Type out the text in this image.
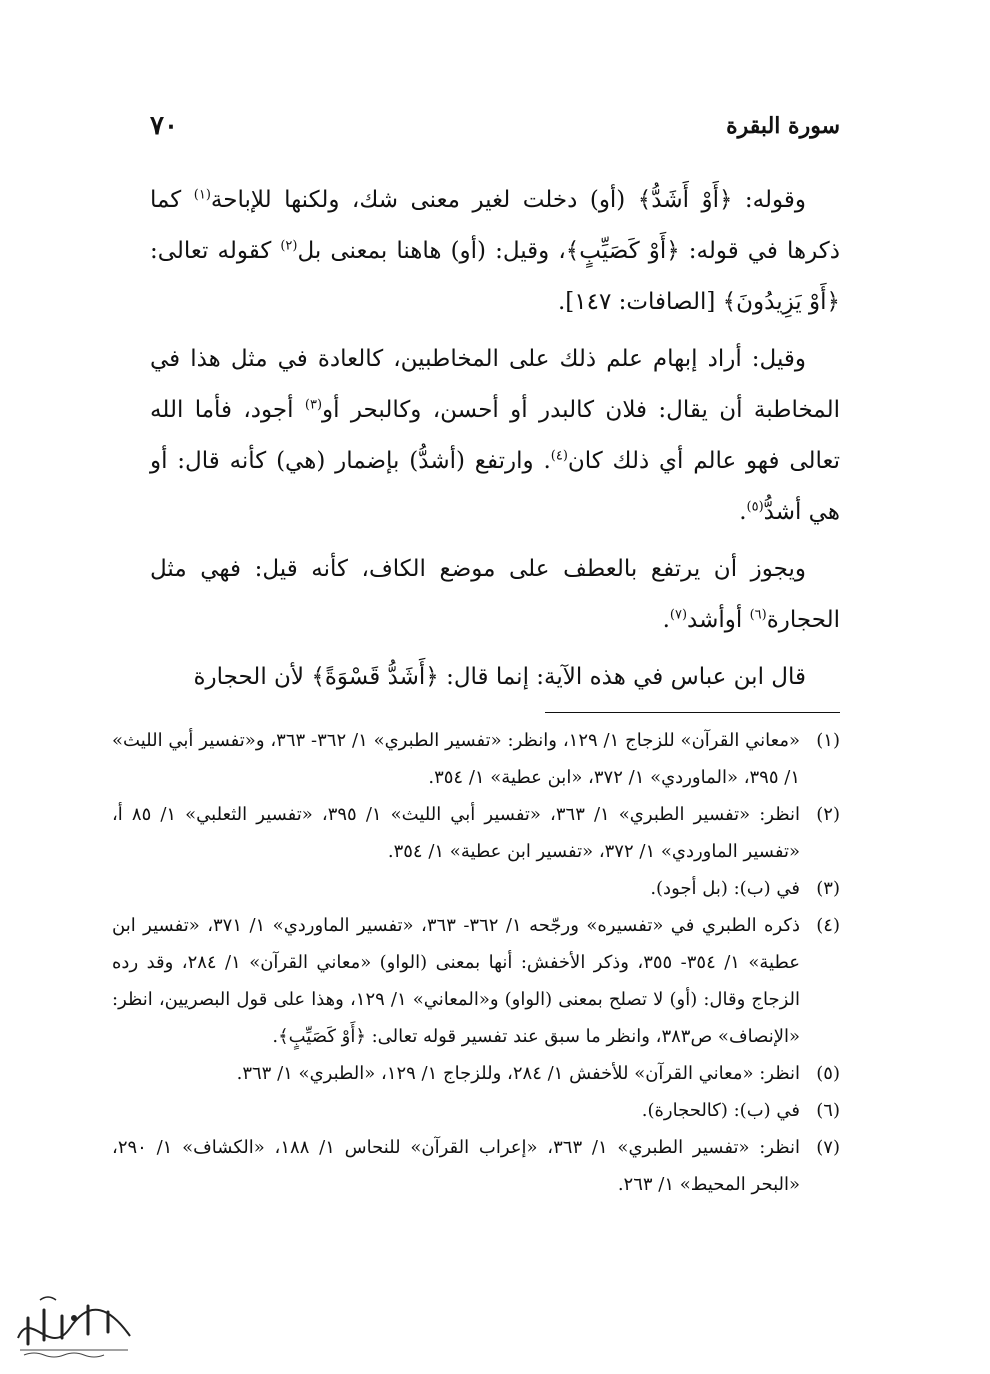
سورة البقرة
٧٠

وقوله: ﴿أَوْ أَشَدُّ﴾ (أو) دخلت لغير معنى شك، ولكنها للإباحة$^{(١)}$ كما ذكرها في قوله: ﴿أَوْ كَصَيِّبٍ﴾، وقيل: (أو) هاهنا بمعنى بل$^{(٢)}$ كقوله تعالى: ﴿أَوْ يَزِيدُونَ﴾ [الصافات: ١٤٧].

وقيل: أراد إبهام علم ذلك على المخاطبين، كالعادة في مثل هذا في المخاطبة أن يقال: فلان كالبدر أو أحسن، وكالبحر أو$^{(٣)}$ أجود، فأما الله تعالى فهو عالم أي ذلك كان$^{(٤)}$. وارتفع (أشدُّ) بإضمار (هي) كأنه قال: أو هي أشدُّ$^{(٥)}$.

ويجوز أن يرتفع بالعطف على موضع الكاف، كأنه قيل: فهي مثل الحجارة$^{(٦)}$ أوأشد$^{(٧)}$.

قال ابن عباس في هذه الآية: إنما قال: ﴿أَشَدُّ قَسْوَةً﴾ لأن الحجارة

(١)
«معاني القرآن» للزجاج ١/ ١٢٩، وانظر: «تفسير الطبري» ١/ ٣٦٢- ٣٦٣، و«تفسير أبي الليث» ١/ ٣٩٥، «الماوردي» ١/ ٣٧٢، «ابن عطية» ١/ ٣٥٤.
(٢)
انظر: «تفسير الطبري» ١/ ٣٦٣، «تفسير أبي الليث» ١/ ٣٩٥، «تفسير الثعلبي» ١/ ٨٥ أ، «تفسير الماوردي» ١/ ٣٧٢، «تفسير ابن عطية» ١/ ٣٥٤.
(٣)
في (ب): (بل أجود).
(٤)
ذكره الطبري في «تفسيره» ورجّحه ١/ ٣٦٢- ٣٦٣، «تفسير الماوردي» ١/ ٣٧١، «تفسير ابن عطية» ١/ ٣٥٤- ٣٥٥، وذكر الأخفش: أنها بمعنى (الواو) «معاني القرآن» ١/ ٢٨٤، وقد رده الزجاج وقال: (أو) لا تصلح بمعنى (الواو) و«المعاني» ١/ ١٢٩، وهذا على قول البصريين، انظر: «الإنصاف» ص٣٨٣، وانظر ما سبق عند تفسير قوله تعالى: ﴿أَوْ كَصَيِّبٍ﴾.
(٥)
انظر: «معاني القرآن» للأخفش ١/ ٢٨٤، وللزجاج ١/ ١٢٩، «الطبري» ١/ ٣٦٣.
(٦)
في (ب): (كالحجارة).
(٧)
انظر: «تفسير الطبري» ١/ ٣٦٣، «إعراب القرآن» للنحاس ١/ ١٨٨، «الكشاف» ١/ ٢٩٠، «البحر المحيط» ١/ ٢٦٣.
